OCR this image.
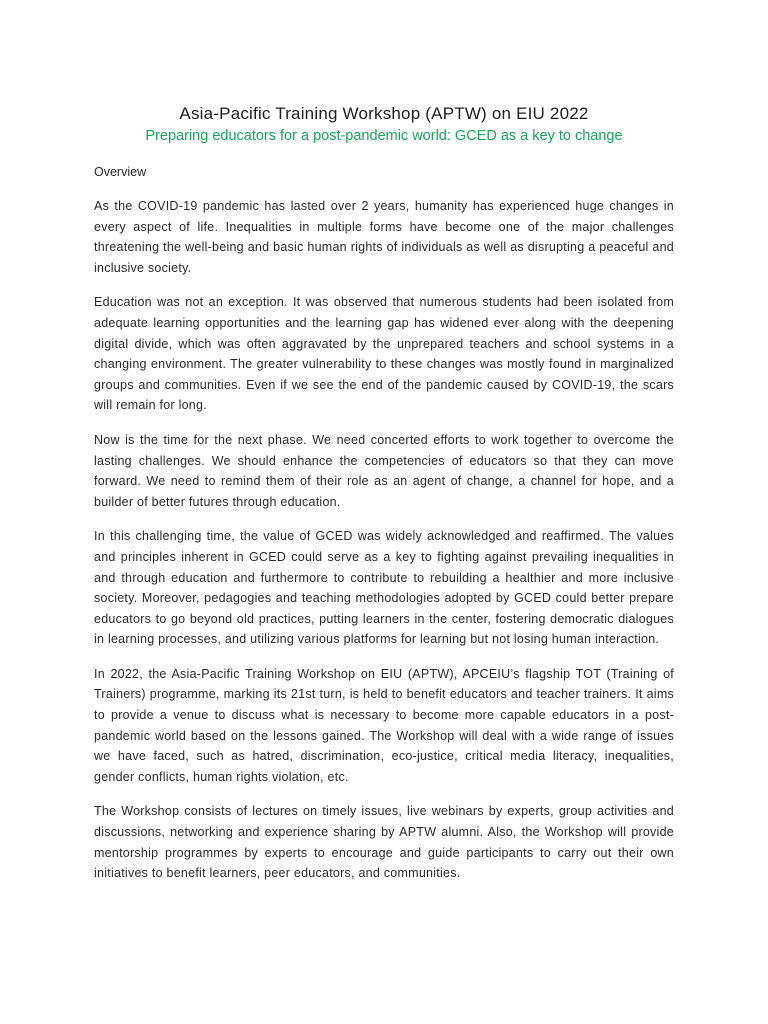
Asia-Pacific Training Workshop (APTW) on EIU 2022
Preparing educators for a post-pandemic world: GCED as a key to change
Overview

As the COVID-19 pandemic has lasted over 2 years, humanity has experienced huge changes in every aspect of life. Inequalities in multiple forms have become one of the major challenges threatening the well-being and basic human rights of individuals as well as disrupting a peaceful and inclusive society.

Education was not an exception. It was observed that numerous students had been isolated from adequate learning opportunities and the learning gap has widened ever along with the deepening digital divide, which was often aggravated by the unprepared teachers and school systems in a changing environment. The greater vulnerability to these changes was mostly found in marginalized groups and communities. Even if we see the end of the pandemic caused by COVID-19, the scars will remain for long.

Now is the time for the next phase. We need concerted efforts to work together to overcome the lasting challenges. We should enhance the competencies of educators so that they can move forward. We need to remind them of their role as an agent of change, a channel for hope, and a builder of better futures through education.

In this challenging time, the value of GCED was widely acknowledged and reaffirmed. The values and principles inherent in GCED could serve as a key to fighting against prevailing inequalities in and through education and furthermore to contribute to rebuilding a healthier and more inclusive society. Moreover, pedagogies and teaching methodologies adopted by GCED could better prepare educators to go beyond old practices, putting learners in the center, fostering democratic dialogues in learning processes, and utilizing various platforms for learning but not losing human interaction.

In 2022, the Asia-Pacific Training Workshop on EIU (APTW), APCEIU’s flagship TOT (Training of Trainers) programme, marking its 21st turn, is held to benefit educators and teacher trainers. It aims to provide a venue to discuss what is necessary to become more capable educators in a post-pandemic world based on the lessons gained. The Workshop will deal with a wide range of issues we have faced, such as hatred, discrimination, eco-justice, critical media literacy, inequalities, gender conflicts, human rights violation, etc.

The Workshop consists of lectures on timely issues, live webinars by experts, group activities and discussions, networking and experience sharing by APTW alumni. Also, the Workshop will provide mentorship programmes by experts to encourage and guide participants to carry out their own initiatives to benefit learners, peer educators, and communities.
